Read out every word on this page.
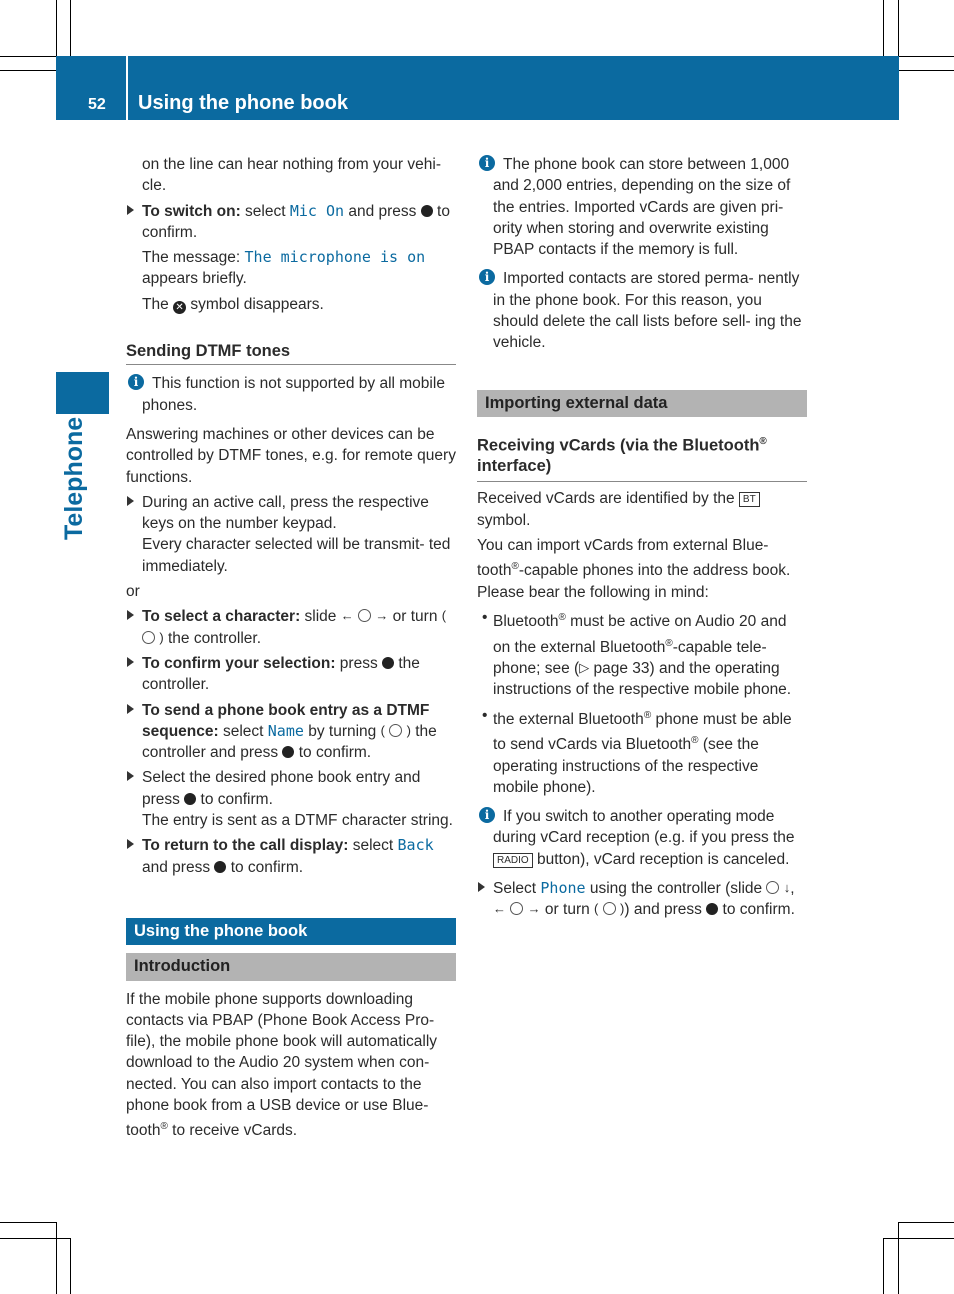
52 Using the phone book
Telephone

on the line can hear nothing from your vehi- cle.

To switch on: select Mic On and press  to confirm.

The message: The microphone is on appears briefly.

The ✕ symbol disappears.

Sending DTMF tones
i This function is not supported by all mobile phones.

Answering machines or other devices can be controlled by DTMF tones, e.g. for remote query functions.

During an active call, press the respective keys on the number keypad.
Every character selected will be transmit- ted immediately.

or

To select a character: slide ← → or turn (  ) the controller.
To confirm your selection: press  the controller.
To send a phone book entry as a DTMF sequence: select Name by turning ( ) the controller and press  to confirm.
Select the desired phone book entry and press  to confirm.
The entry is sent as a DTMF character string.
To return to the call display: select Back and press  to confirm.
Using the phone book
Introduction

If the mobile phone supports downloading contacts via PBAP (Phone Book Access Pro- file), the mobile phone book will automatically download to the Audio 20 system when con- nected. You can also import contacts to the phone book from a USB device or use Blue- tooth® to receive vCards.

i The phone book can store between 1,000 and 2,000 entries, depending on the size of the entries. Imported vCards are given pri- ority when storing and overwrite existing PBAP contacts if the memory is full.
i Imported contacts are stored perma- nently in the phone book. For this reason, you should delete the call lists before sell- ing the vehicle.
Importing external data
Receiving vCards (via the Bluetooth® interface)

Received vCards are identified by the BT symbol.

You can import vCards from external Blue- tooth®-capable phones into the address book. Please bear the following in mind:

• Bluetooth® must be active on Audio 20 and on the external Bluetooth®-capable tele- phone; see (▷ page 33) and the operating instructions of the respective mobile phone.
• the external Bluetooth® phone must be able to send vCards via Bluetooth® (see the operating instructions of the respective mobile phone).
i If you switch to another operating mode during vCard reception (e.g. if you press the RADIO button), vCard reception is canceled.
Select Phone using the controller (slide  ↓, ← → or turn ( )) and press  to confirm.
